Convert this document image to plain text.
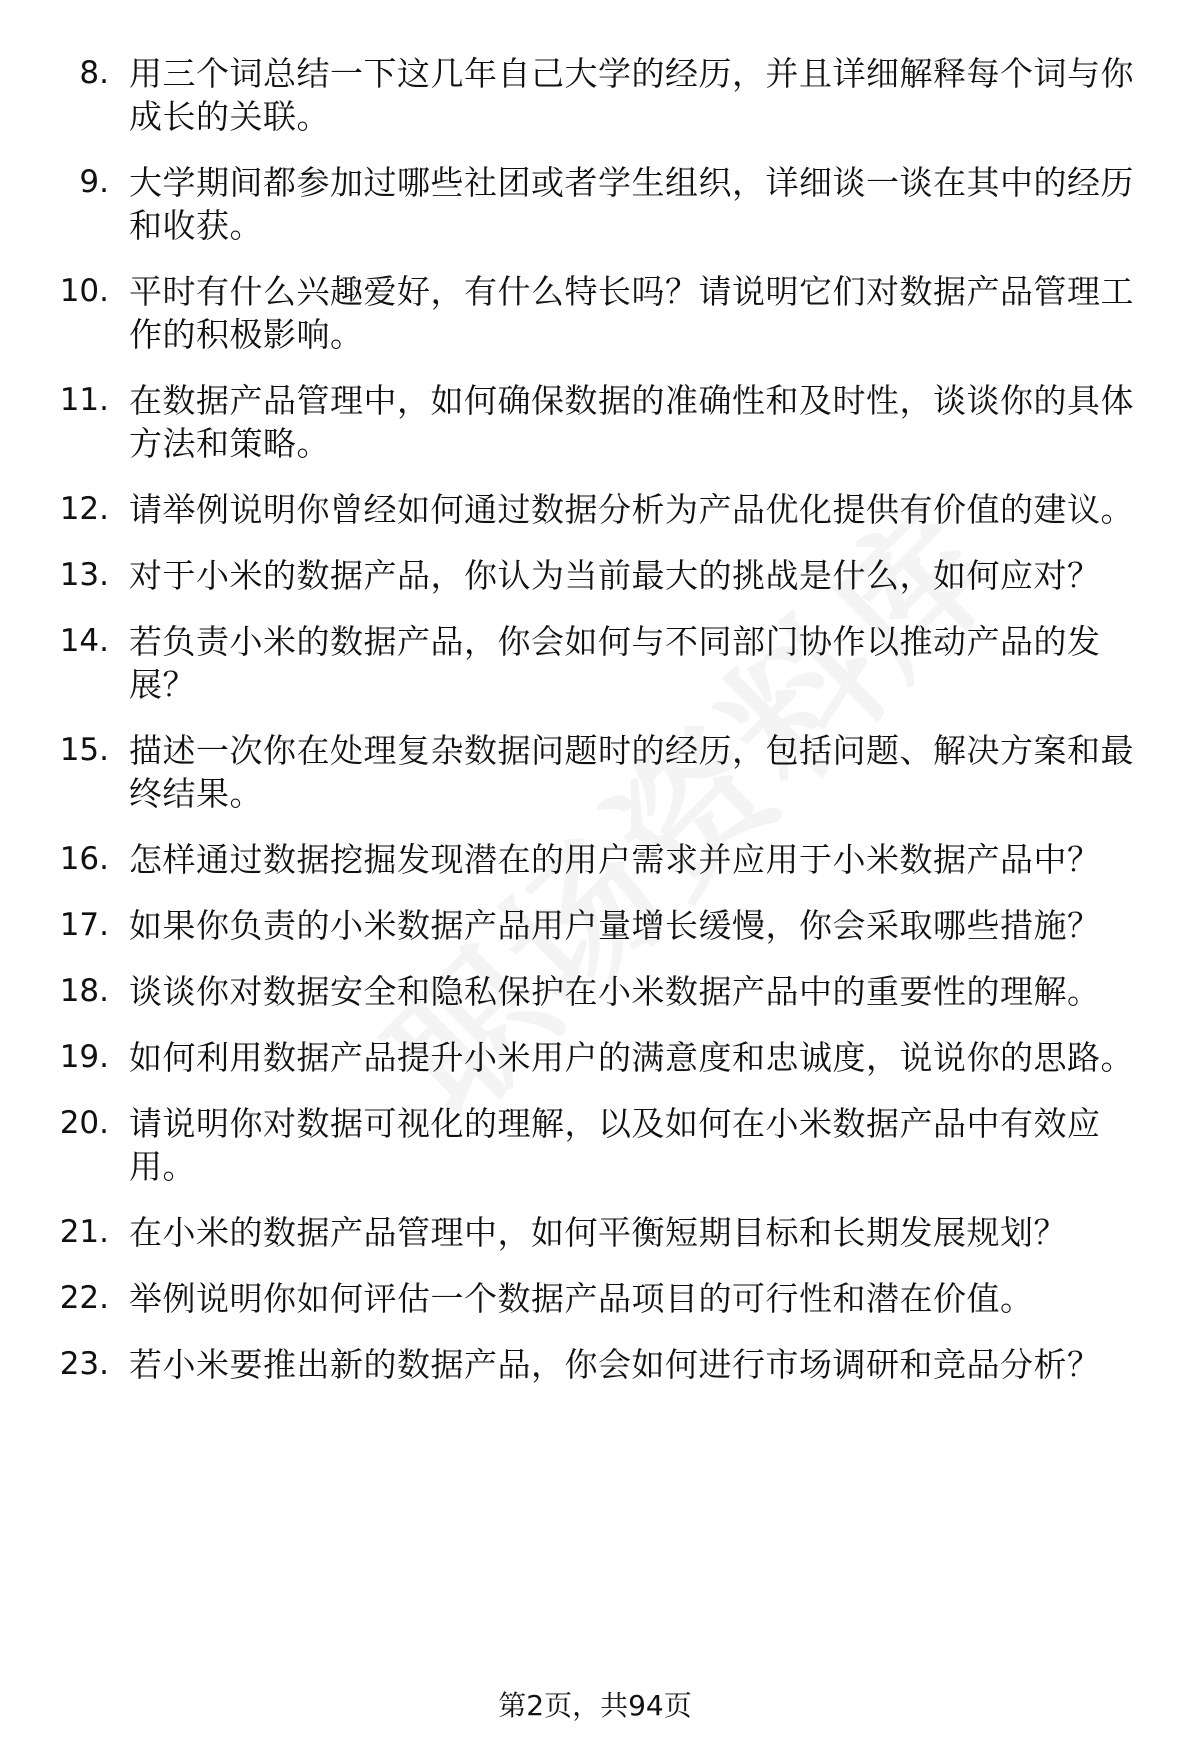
8. 用三个词总结一下这几年自己大学的经历，并且详细解释每个词与你成长的关联。
9. 大学期间都参加过哪些社团或者学生组织，详细谈一谈在其中的经历和收获。
10. 平时有什么兴趣爱好，有什么特长吗？请说明它们对数据产品管理工作的积极影响。
11. 在数据产品管理中，如何确保数据的准确性和及时性，谈谈你的具体方法和策略。
12. 请举例说明你曾经如何通过数据分析为产品优化提供有价值的建议。
13. 对于小米的数据产品，你认为当前最大的挑战是什么，如何应对？
14. 若负责小米的数据产品，你会如何与不同部门协作以推动产品的发展？
15. 描述一次你在处理复杂数据问题时的经历，包括问题、解决方案和最终结果。
16. 怎样通过数据挖掘发现潜在的用户需求并应用于小米数据产品中？
17. 如果你负责的小米数据产品用户量增长缓慢，你会采取哪些措施？
18. 谈谈你对数据安全和隐私保护在小米数据产品中的重要性的理解。
19. 如何利用数据产品提升小米用户的满意度和忠诚度，说说你的思路。
20. 请说明你对数据可视化的理解，以及如何在小米数据产品中有效应用。
21. 在小米的数据产品管理中，如何平衡短期目标和长期发展规划？
22. 举例说明你如何评估一个数据产品项目的可行性和潜在价值。
23. 若小米要推出新的数据产品，你会如何进行市场调研和竞品分析？
第2页，共94页
